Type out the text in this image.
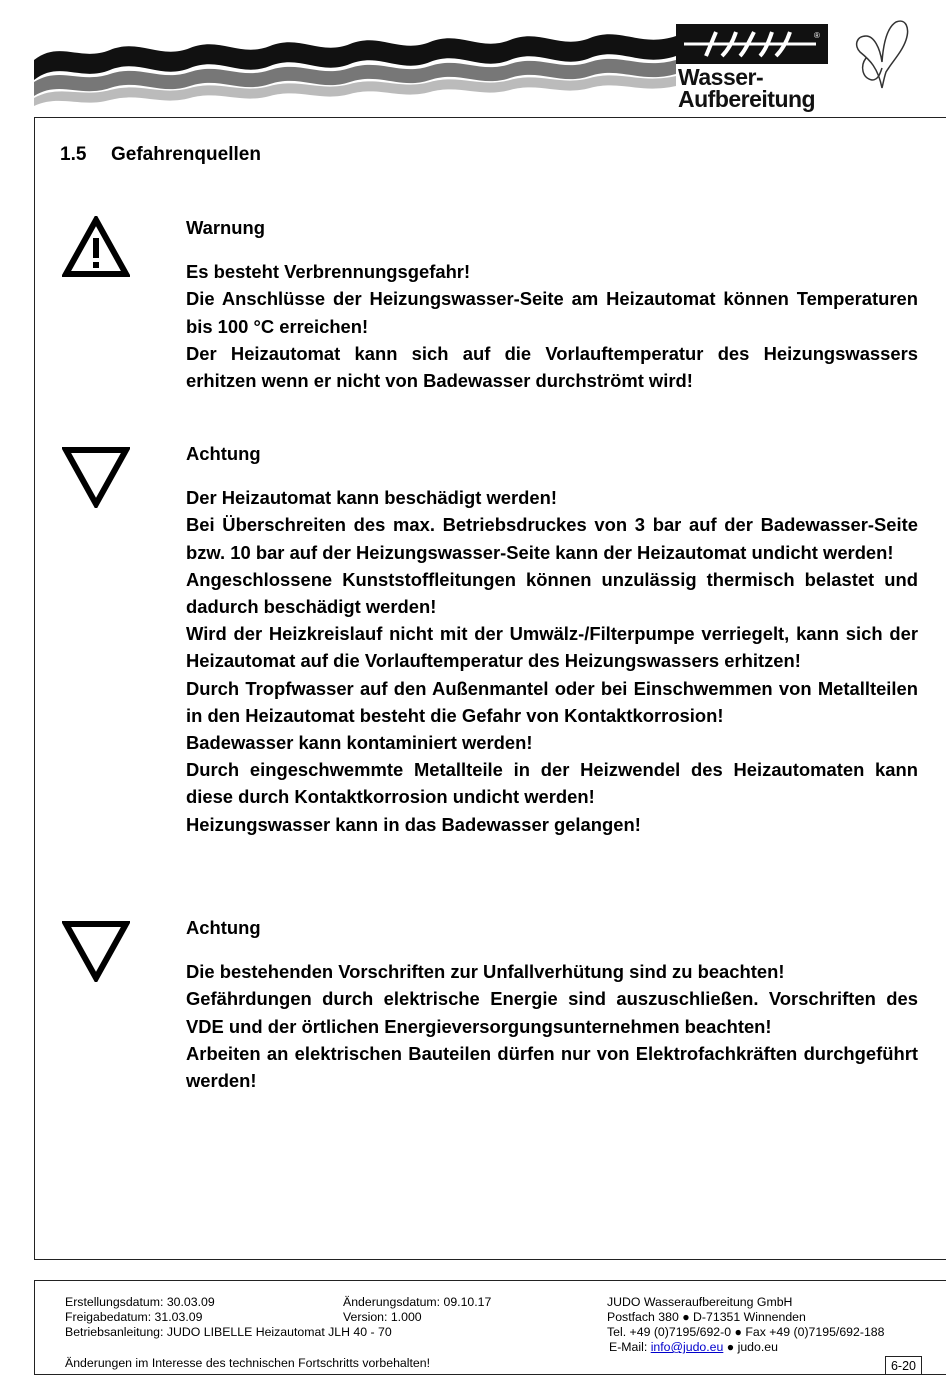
®
Wasser-
Aufbereitung
1.5 Gefahrenquellen
Warnung

Es besteht Verbrennungsgefahr!

Die Anschlüsse der Heizungswasser-Seite am Heizautomat können Temperaturen bis 100 °C erreichen!

Der Heizautomat kann sich auf die Vorlauftemperatur des Heizungswassers erhitzen wenn er nicht von Badewasser durchströmt wird!

Achtung

Der Heizautomat kann beschädigt werden!

Bei Überschreiten des max. Betriebsdruckes von 3 bar auf der Badewasser-Seite bzw. 10 bar auf der Heizungswasser-Seite kann der Heizautomat undicht werden!

Angeschlossene Kunststoffleitungen können unzulässig thermisch belastet und dadurch beschädigt werden!

Wird der Heizkreislauf nicht mit der Umwälz-/Filterpumpe verriegelt, kann sich der Heizautomat auf die Vorlauftemperatur des Heizungswassers erhitzen!

Durch Tropfwasser auf den Außenmantel oder bei Einschwemmen von Metallteilen in den Heizautomat besteht die Gefahr von Kontaktkorrosion!

Badewasser kann kontaminiert werden!

Durch eingeschwemmte Metallteile in der Heizwendel des Heizautomaten kann diese durch Kontaktkorrosion undicht werden!

Heizungswasser kann in das Badewasser gelangen!

Achtung

Die bestehenden Vorschriften zur Unfallverhütung sind zu beachten!

Gefährdungen durch elektrische Energie sind auszuschließen. Vorschriften des VDE und der örtlichen Energieversorgungsunternehmen beachten!

Arbeiten an elektrischen Bauteilen dürfen nur von Elektrofachkräften durchgeführt werden!

Erstellungsdatum: 30.03.09
Freigabedatum: 31.03.09
Betriebsanleitung: JUDO LIBELLE Heizautomat JLH 40 - 70
Änderungsdatum: 09.10.17
Version: 1.000
JUDO Wasseraufbereitung GmbH
Postfach 380 ● D-71351 Winnenden
Tel. +49 (0)7195/692-0 ● Fax +49 (0)7195/692-188
E-Mail: info@judo.eu ● judo.eu
Änderungen im Interesse des technischen Fortschritts vorbehalten!	6-20
